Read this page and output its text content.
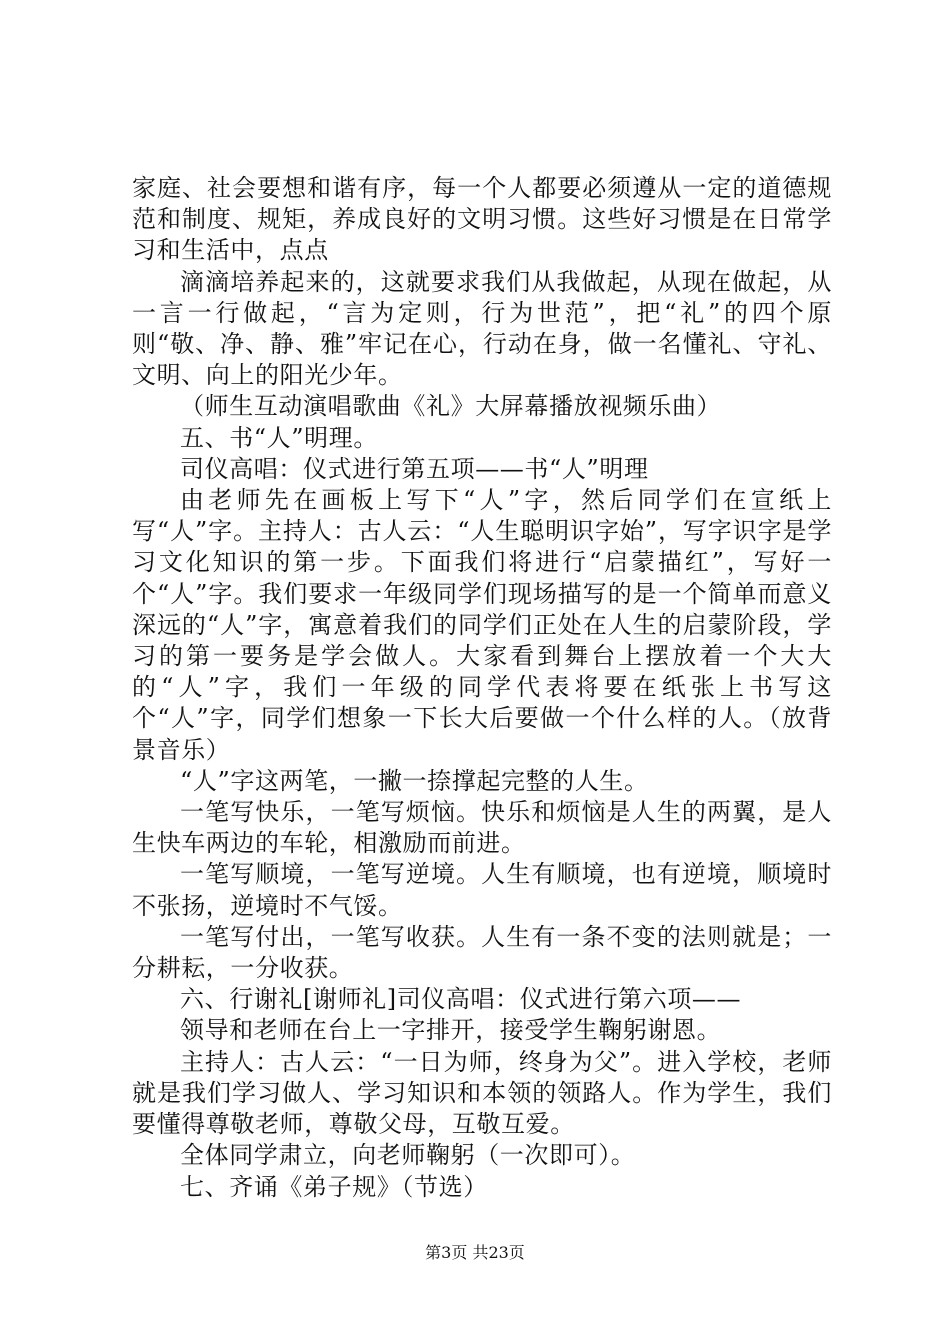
家庭、社会要想和谐有序，每一个人都要必须遵从一定的道德规范和制度、规矩，养成良好的文明习惯。这些好习惯是在日常学习和生活中，点点

滴滴培养起来的，这就要求我们从我做起，从现在做起，从一言一行做起，“言为定则，行为世范”，把“礼”的四个原则“敬、净、静、雅”牢记在心，行动在身，做一名懂礼、守礼、文明、向上的阳光少年。

（师生互动演唱歌曲《礼》大屏幕播放视频乐曲）

五、书“人”明理。

司仪高唱：仪式进行第五项——书“人”明理

由老师先在画板上写下“人”字，然后同学们在宣纸上写“人”字。主持人：古人云：“人生聪明识字始”，写字识字是学习文化知识的第一步。下面我们将进行“启蒙描红”，写好一个“人”字。我们要求一年级同学们现场描写的是一个简单而意义深远的“人”字，寓意着我们的同学们正处在人生的启蒙阶段，学习的第一要务是学会做人。大家看到舞台上摆放着一个大大的“人”字，我们一年级的同学代表将要在纸张上书写这个“人”字，同学们想象一下长大后要做一个什么样的人。（放背景音乐）

“人”字这两笔，一撇一捺撑起完整的人生。

一笔写快乐，一笔写烦恼。快乐和烦恼是人生的两翼，是人生快车两边的车轮，相激励而前进。

一笔写顺境，一笔写逆境。人生有顺境，也有逆境，顺境时不张扬，逆境时不气馁。

一笔写付出，一笔写收获。人生有一条不变的法则就是；一分耕耘，一分收获。

六、行谢礼[谢师礼]司仪高唱：仪式进行第六项——

领导和老师在台上一字排开，接受学生鞠躬谢恩。

主持人：古人云：“一日为师，终身为父”。进入学校，老师就是我们学习做人、学习知识和本领的领路人。作为学生，我们要懂得尊敬老师，尊敬父母，互敬互爱。

全体同学肃立，向老师鞠躬（一次即可）。

七、齐诵《弟子规》（节选）

第3页 共23页
